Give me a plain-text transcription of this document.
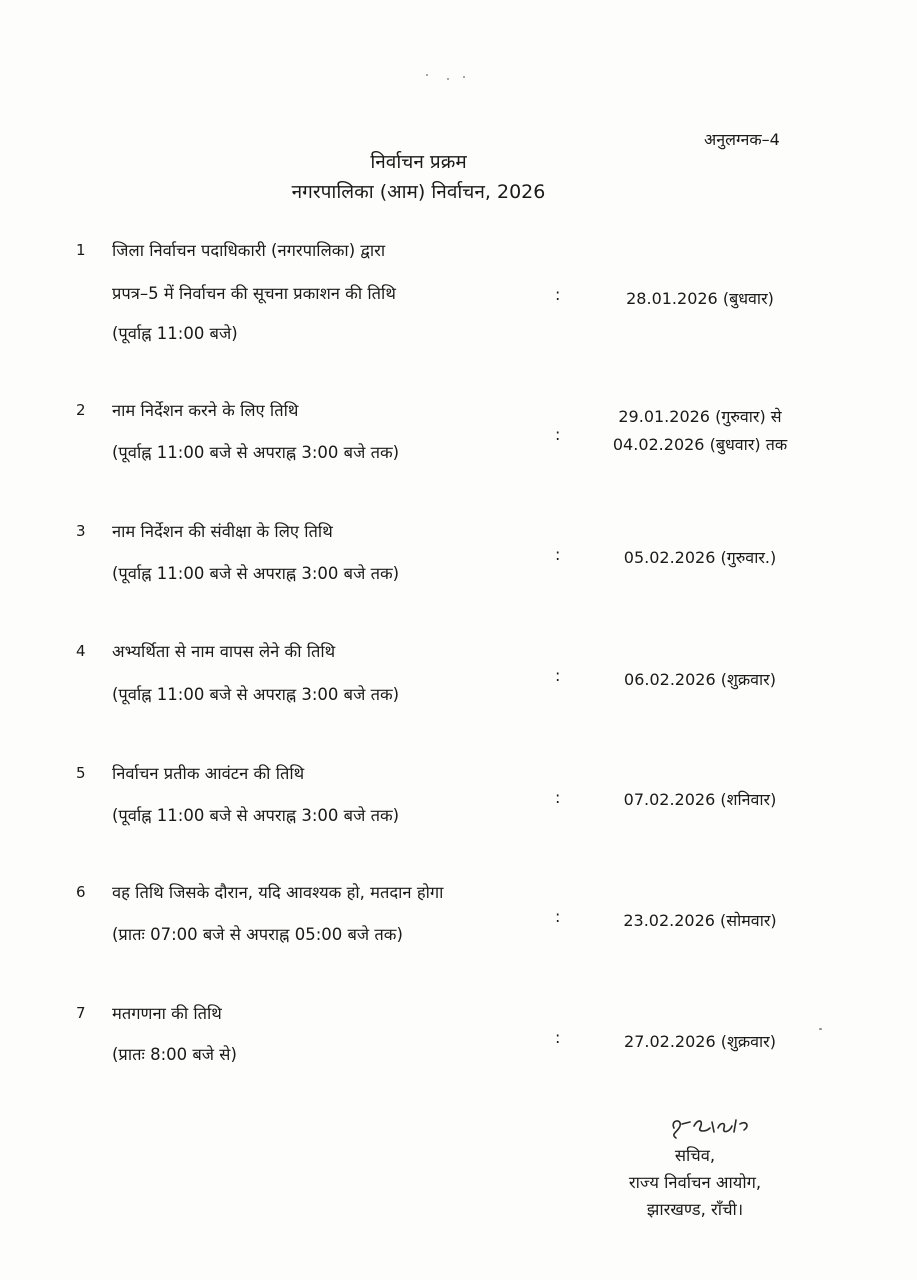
अनुलग्नक–4
निर्वाचन प्रक्रम
नगरपालिका (आम) निर्वाचन, 2026
1	जिला निर्वाचन पदाधिकारी (नगरपालिका) द्वारा
प्रपत्र–5 में निर्वाचन की सूचना प्रकाशन की तिथि
(पूर्वाह्न 11:00 बजे)
:	28.01.2026 (बुधवार)
2	नाम निर्देशन करने के लिए तिथि
(पूर्वाह्न 11:00 बजे से अपराह्न 3:00 बजे तक)
:
29.01.2026 (गुरुवार) से
04.02.2026 (बुधवार) तक
3	नाम निर्देशन की संवीक्षा के लिए तिथि
(पूर्वाह्न 11:00 बजे से अपराह्न 3:00 बजे तक)
:	05.02.2026 (गुरुवार.)
4	अभ्यर्थिता से नाम वापस लेने की तिथि
(पूर्वाह्न 11:00 बजे से अपराह्न 3:00 बजे तक)
:	06.02.2026 (शुक्रवार)
5	निर्वाचन प्रतीक आवंटन की तिथि
(पूर्वाह्न 11:00 बजे से अपराह्न 3:00 बजे तक)
:	07.02.2026 (शनिवार)
6	वह तिथि जिसके दौरान, यदि आवश्यक हो, मतदान होगा
(प्रातः 07:00 बजे से अपराह्न 05:00 बजे तक)
:	23.02.2026 (सोमवार)
7	मतगणना की तिथि
(प्रातः 8:00 बजे से)
:	27.02.2026 (शुक्रवार)
सचिव,
राज्य निर्वाचन आयोग,
झारखण्ड, राँची।
